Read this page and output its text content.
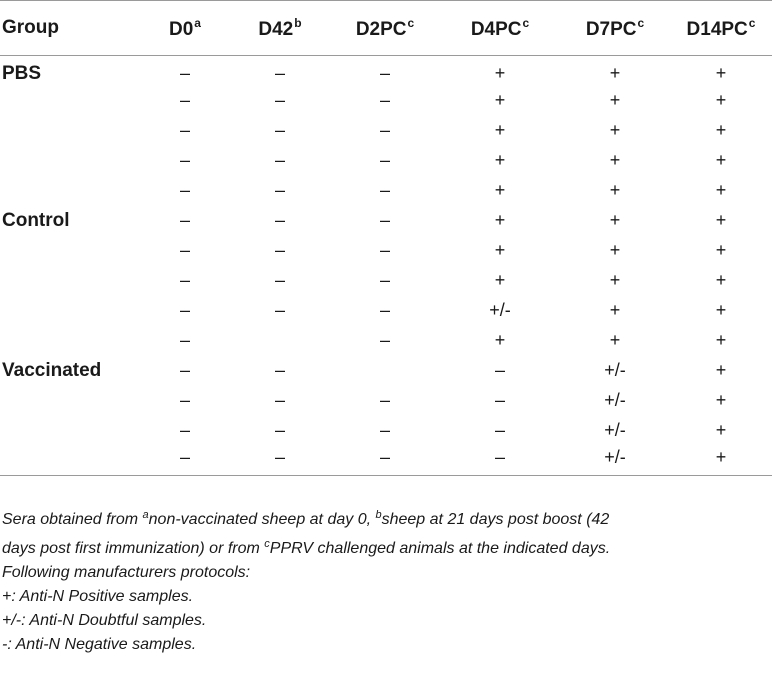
Group	D0$^a$	D42$^b$	$D2PC^c$	$D4PC^c$	$D7PC^c$	$D14PC^c$
PBS	–	–	–	+	+	+
	–	–	–	+	+	+
	–	–	–	+	+	+
	–	–	–	+	+	+
	–	–	–	+	+	+
Control	–	–	–	+	+	+
	–	–	–	+	+	+
	–	–	–	+	+	+
	–	–	–	+/-	+	+
	–		–	+	+	+
Vaccinated	–	–		–	+/-	+
	–	–	–	–	+/-	+
	–	–	–	–	+/-	+
	–	–	–	–	+/-	+

Sera obtained from $^a$non-vaccinated sheep at day 0, $^b$sheep at 21 days post boost (42

days post first immunization) or from $^c$PPRV challenged animals at the indicated days.

Following manufacturers protocols:

+: Anti-N Positive samples.

+/-: Anti-N Doubtful samples.

-: Anti-N Negative samples.
